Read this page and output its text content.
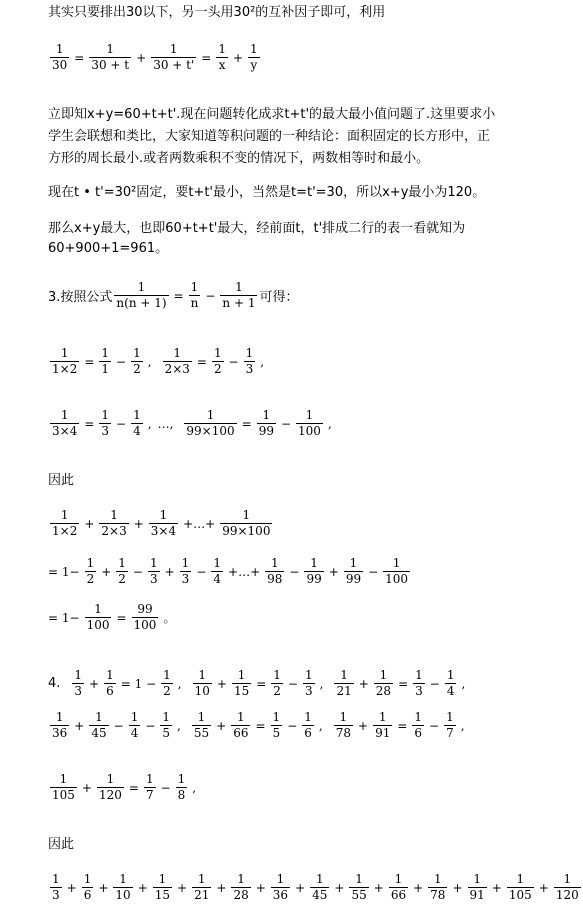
其实只要排出30以下，另一头用30²的互补因子即可，利用
$\frac{1}{30} = \frac{1}{30 + t} + \frac{1}{30 + t'} = \frac{1}{x} + \frac{1}{y}$
立即知x+y=60+t+t'.现在问题转化成求t+t'的最大最小值问题了.这里要求小
学生会联想和类比，大家知道等积问题的一种结论：面积固定的长方形中，正
方形的周长最小.或者两数乘积不变的情况下，两数相等时和最小。
现在t • t'=30²固定，要t+t'最小，当然是t=t'=30，所以x+y最小为120。
那么x+y最大，也即60+t+t'最大，经前面t，t'排成二行的表一看就知为
60+900+1=961。
3.按照公式 $\frac{1}{n(n + 1)} = \frac{1}{n} - \frac{1}{n + 1}$ 可得：
$\frac{1}{1\times 2} = \frac{1}{1} - \frac{1}{2}$ , $\frac{1}{2\times 3} = \frac{1}{2} - \frac{1}{3}$ ,
$\frac{1}{3\times 4} = \frac{1}{3} - \frac{1}{4}$ , …, $\frac{1}{99\times 100} = \frac{1}{99} - \frac{1}{100}$ ,
因此
$\frac{1}{1\times 2} + \frac{1}{2\times 3} + \frac{1}{3\times 4}$ +…+ $\frac{1}{99\times 100}$
= $1- \frac{1}{2} + \frac{1}{2} - \frac{1}{3} + \frac{1}{3} - \frac{1}{4}$ +…+ $\frac{1}{98} - \frac{1}{99} + \frac{1}{99} - \frac{1}{100}$
= $1- \frac{1}{100} = \frac{99}{100}$ 。
4. $\frac{1}{3} + \frac{1}{6} = 1 - \frac{1}{2}$ , $\frac{1}{10} + \frac{1}{15} = \frac{1}{2} - \frac{1}{3}$ , $\frac{1}{21} + \frac{1}{28} = \frac{1}{3} - \frac{1}{4}$ ,
$\frac{1}{36} + \frac{1}{45} - \frac{1}{4} - \frac{1}{5}$ , $\frac{1}{55} + \frac{1}{66} = \frac{1}{5} - \frac{1}{6}$ , $\frac{1}{78} + \frac{1}{91} = \frac{1}{6} - \frac{1}{7}$ ,
$\frac{1}{105} + \frac{1}{120} = \frac{1}{7} - \frac{1}{8}$ ,
因此
$\frac{1}{3} + \frac{1}{6} + \frac{1}{10} + \frac{1}{15} + \frac{1}{21} + \frac{1}{28} + \frac{1}{36} + \frac{1}{45} + \frac{1}{55} + \frac{1}{66} + \frac{1}{78} + \frac{1}{91} + \frac{1}{105} + \frac{1}{120}$
